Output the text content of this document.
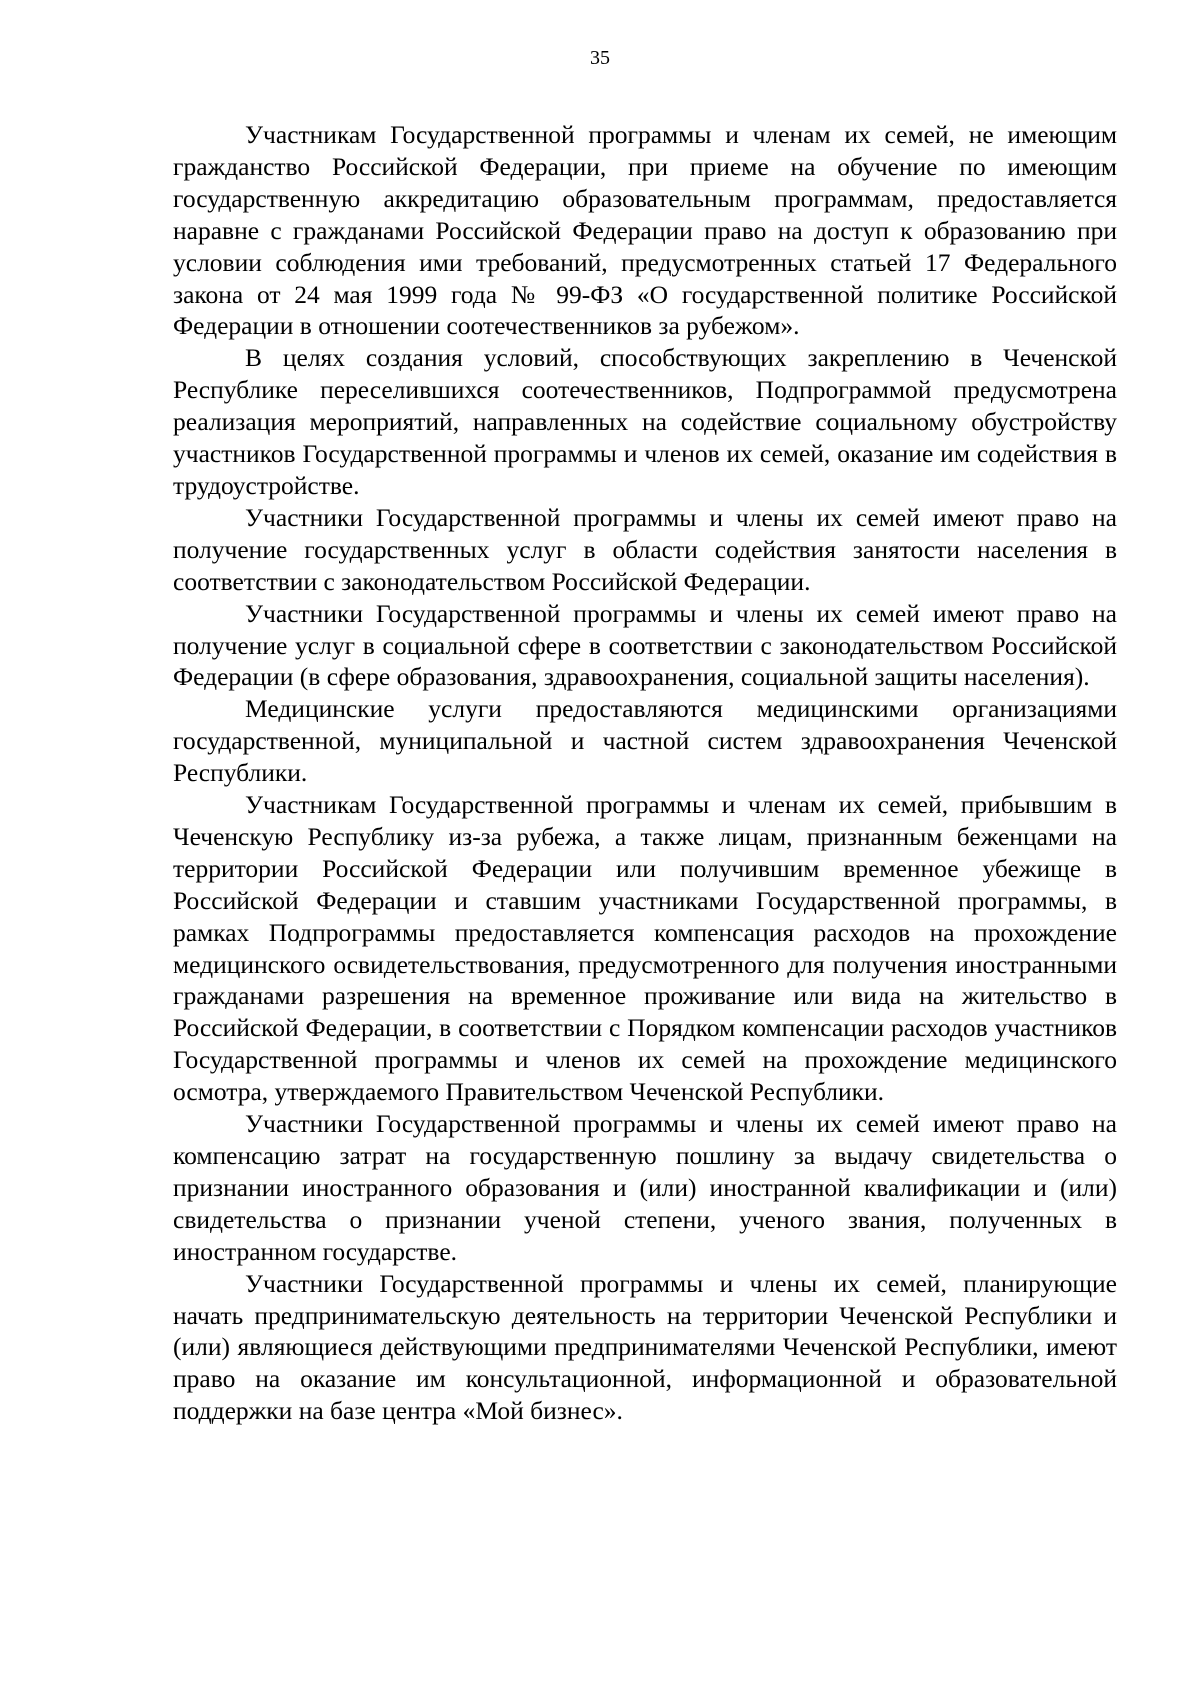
35

Участникам Государственной программы и членам их семей, не имеющим гражданство Российской Федерации, при приеме на обучение по имеющим государственную аккредитацию образовательным программам, предоставляется наравне с гражданами Российской Федерации право на доступ к образованию при условии соблюдения ими требований, предусмотренных статьей 17 Федерального закона от 24 мая 1999 года № 99-ФЗ «О государственной политике Российской Федерации в отношении соотечественников за рубежом».

В целях создания условий, способствующих закреплению в Чеченской Республике переселившихся соотечественников, Подпрограммой предусмотрена реализация мероприятий, направленных на содействие социальному обустройству участников Государственной программы и членов их семей, оказание им содействия в трудоустройстве.

Участники Государственной программы и члены их семей имеют право на получение государственных услуг в области содействия занятости населения в соответствии с законодательством Российской Федерации.

Участники Государственной программы и члены их семей имеют право на получение услуг в социальной сфере в соответствии с законодательством Российской Федерации (в сфере образования, здравоохранения, социальной защиты населения).

Медицинские услуги предоставляются медицинскими организациями государственной, муниципальной и частной систем здравоохранения Чеченской Республики.

Участникам Государственной программы и членам их семей, прибывшим в Чеченскую Республику из-за рубежа, а также лицам, признанным беженцами на территории Российской Федерации или получившим временное убежище в Российской Федерации и ставшим участниками Государственной программы, в рамках Подпрограммы предоставляется компенсация расходов на прохождение медицинского освидетельствования, предусмотренного для получения иностранными гражданами разрешения на временное проживание или вида на жительство в Российской Федерации, в соответствии с Порядком компенсации расходов участников Государственной программы и членов их семей на прохождение медицинского осмотра, утверждаемого Правительством Чеченской Республики.

Участники Государственной программы и члены их семей имеют право на компенсацию затрат на государственную пошлину за выдачу свидетельства о признании иностранного образования и (или) иностранной квалификации и (или) свидетельства о признании ученой степени, ученого звания, полученных в иностранном государстве.

Участники Государственной программы и члены их семей, планирующие начать предпринимательскую деятельность на территории Чеченской Республики и (или) являющиеся действующими предпринимателями Чеченской Республики, имеют право на оказание им консультационной, информационной и образовательной поддержки на базе центра «Мой бизнес».
